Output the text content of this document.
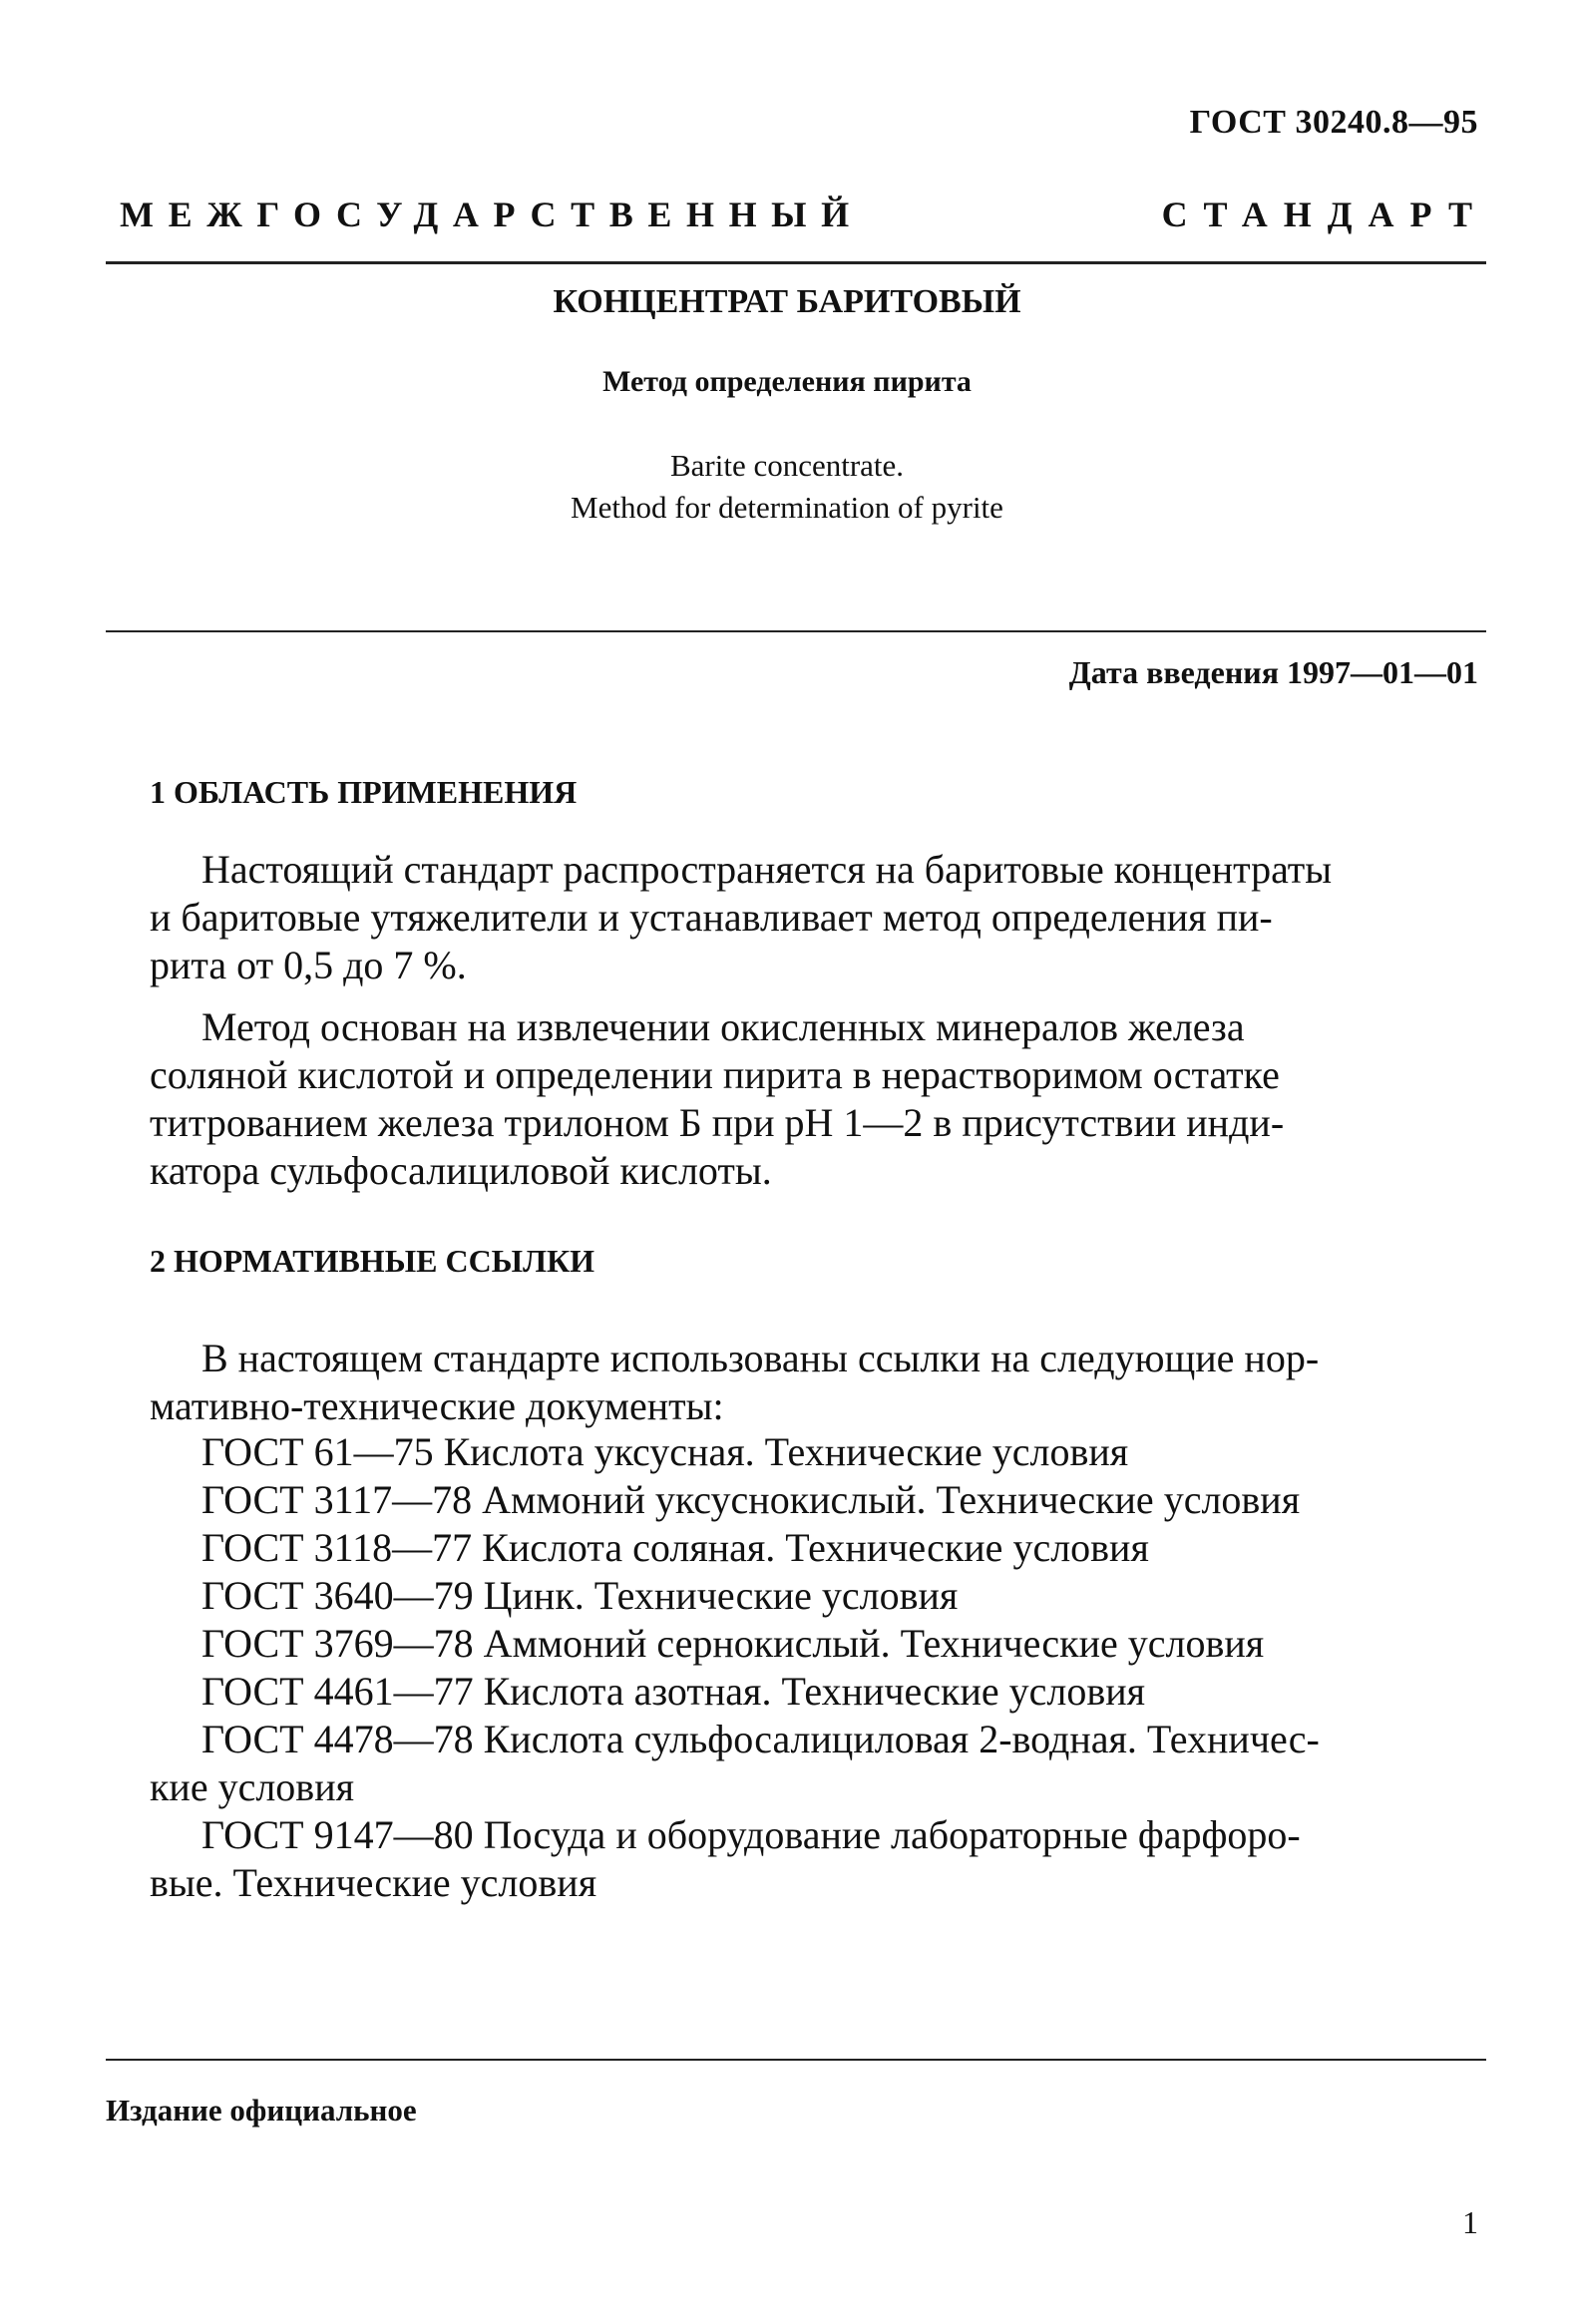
ГОСТ 30240.8—95
МЕЖГОСУДАРСТВЕННЫЙ	СТАНДАРТ
КОНЦЕНТРАТ БАРИТОВЫЙ
Метод определения пирита
Barite concentrate.
Method for determination of pyrite
Дата введения 1997—01—01
1 ОБЛАСТЬ ПРИМЕНЕНИЯ
Настоящий стандарт распространяется на баритовые концентраты
и баритовые утяжелители и устанавливает метод определения пи-
рита от 0,5 до 7 %.
Метод основан на извлечении окисленных минералов железа
соляной кислотой и определении пирита в нерастворимом остатке
титрованием железа трилоном Б при pH 1—2 в присутствии инди-
катора сульфосалициловой кислоты.
2 НОРМАТИВНЫЕ ССЫЛКИ
В настоящем стандарте использованы ссылки на следующие нор-
мативно-технические документы:
ГОСТ 61—75 Кислота уксусная. Технические условия
ГОСТ 3117—78 Аммоний уксуснокислый. Технические условия
ГОСТ 3118—77 Кислота соляная. Технические условия
ГОСТ 3640—79 Цинк. Технические условия
ГОСТ 3769—78 Аммоний сернокислый. Технические условия
ГОСТ 4461—77 Кислота азотная. Технические условия
ГОСТ 4478—78 Кислота сульфосалициловая 2-водная. Техничес-
кие условия
ГОСТ 9147—80 Посуда и оборудование лабораторные фарфоро-
вые. Технические условия
Издание официальное
1
